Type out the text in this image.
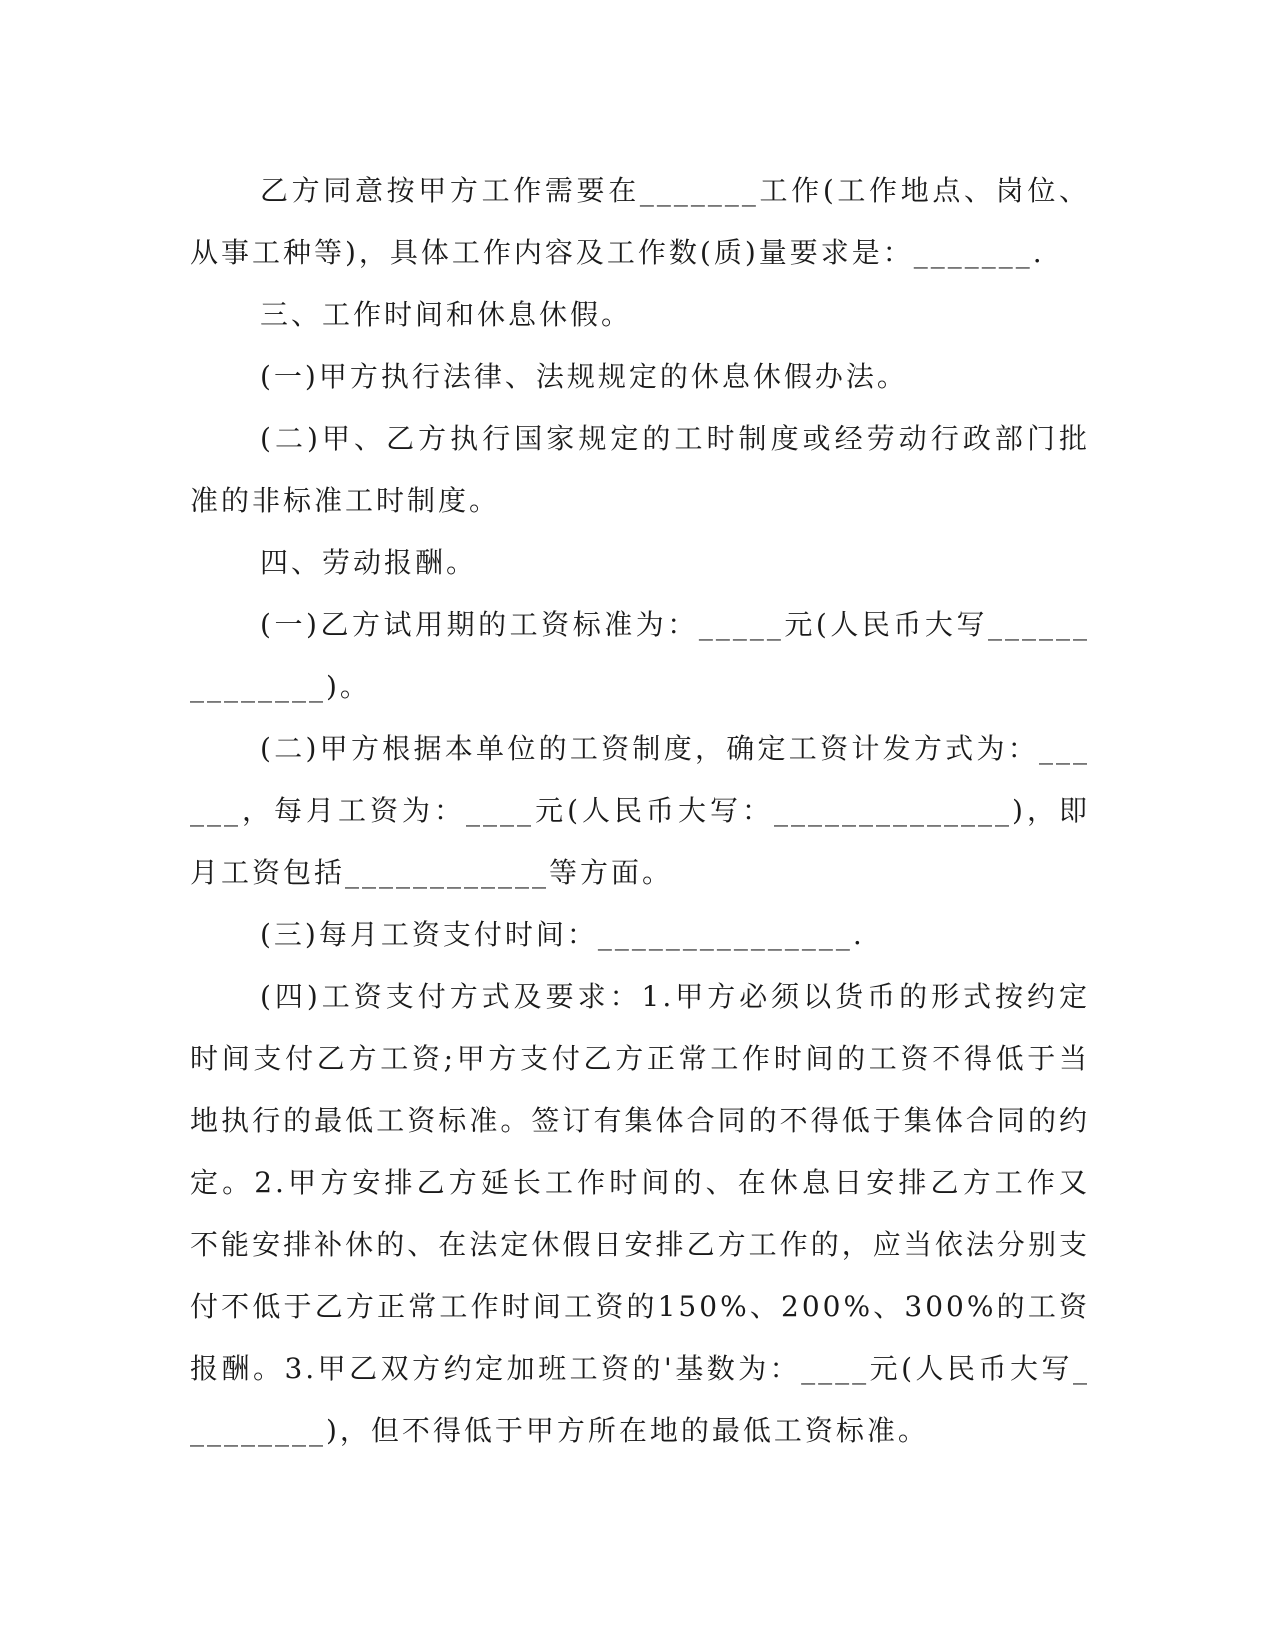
乙方同意按甲方工作需要在_______工作(工作地点、岗位、从事工种等)，具体工作内容及工作数(质)量要求是：_______.

三、工作时间和休息休假。

(一)甲方执行法律、法规规定的休息休假办法。

(二)甲、乙方执行国家规定的工时制度或经劳动行政部门批准的非标准工时制度。

四、劳动报酬。

(一)乙方试用期的工资标准为：_____元(人民币大写______________)。

(二)甲方根据本单位的工资制度，确定工资计发方式为：______，每月工资为：____元(人民币大写：______________)，即月工资包括____________等方面。

(三)每月工资支付时间：_______________.

(四)工资支付方式及要求：1.甲方必须以货币的形式按约定时间支付乙方工资;甲方支付乙方正常工作时间的工资不得低于当地执行的最低工资标准。签订有集体合同的不得低于集体合同的约定。2.甲方安排乙方延长工作时间的、在休息日安排乙方工作又不能安排补休的、在法定休假日安排乙方工作的，应当依法分别支付不低于乙方正常工作时间工资的150%、200%、300%的工资报酬。3.甲乙双方约定加班工资的'基数为：____元(人民币大写_________)，但不得低于甲方所在地的最低工资标准。
